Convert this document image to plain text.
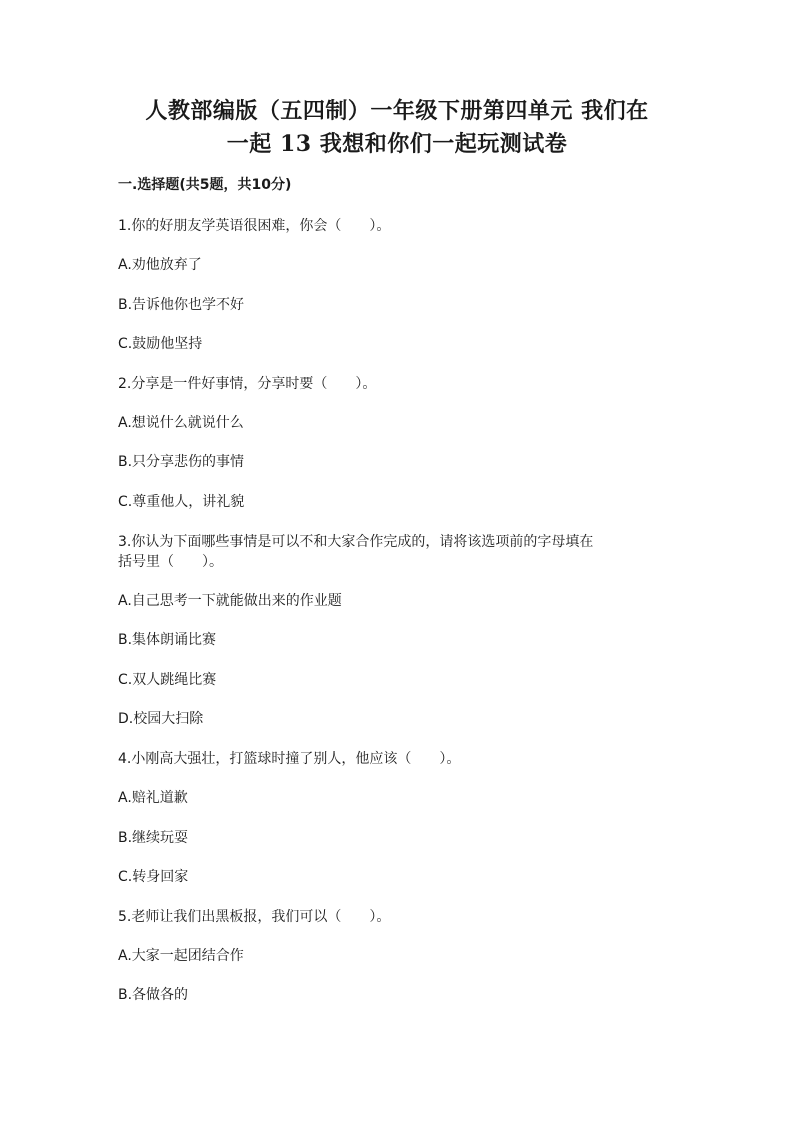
人教部编版（五四制）一年级下册第四单元 我们在
一起 13 我想和你们一起玩测试卷
一.选择题(共5题，共10分)
1.你的好朋友学英语很困难，你会（　　）。
A.劝他放弃了
B.告诉他你也学不好
C.鼓励他坚持
2.分享是一件好事情，分享时要（　　）。
A.想说什么就说什么
B.只分享悲伤的事情
C.尊重他人，讲礼貌
3.你认为下面哪些事情是可以不和大家合作完成的，请将该选项前的字母填在
括号里（　　）。
A.自己思考一下就能做出来的作业题
B.集体朗诵比赛
C.双人跳绳比赛
D.校园大扫除
4.小刚高大强壮，打篮球时撞了别人，他应该（　　）。
A.赔礼道歉
B.继续玩耍
C.转身回家
5.老师让我们出黑板报，我们可以（　　）。
A.大家一起团结合作
B.各做各的
